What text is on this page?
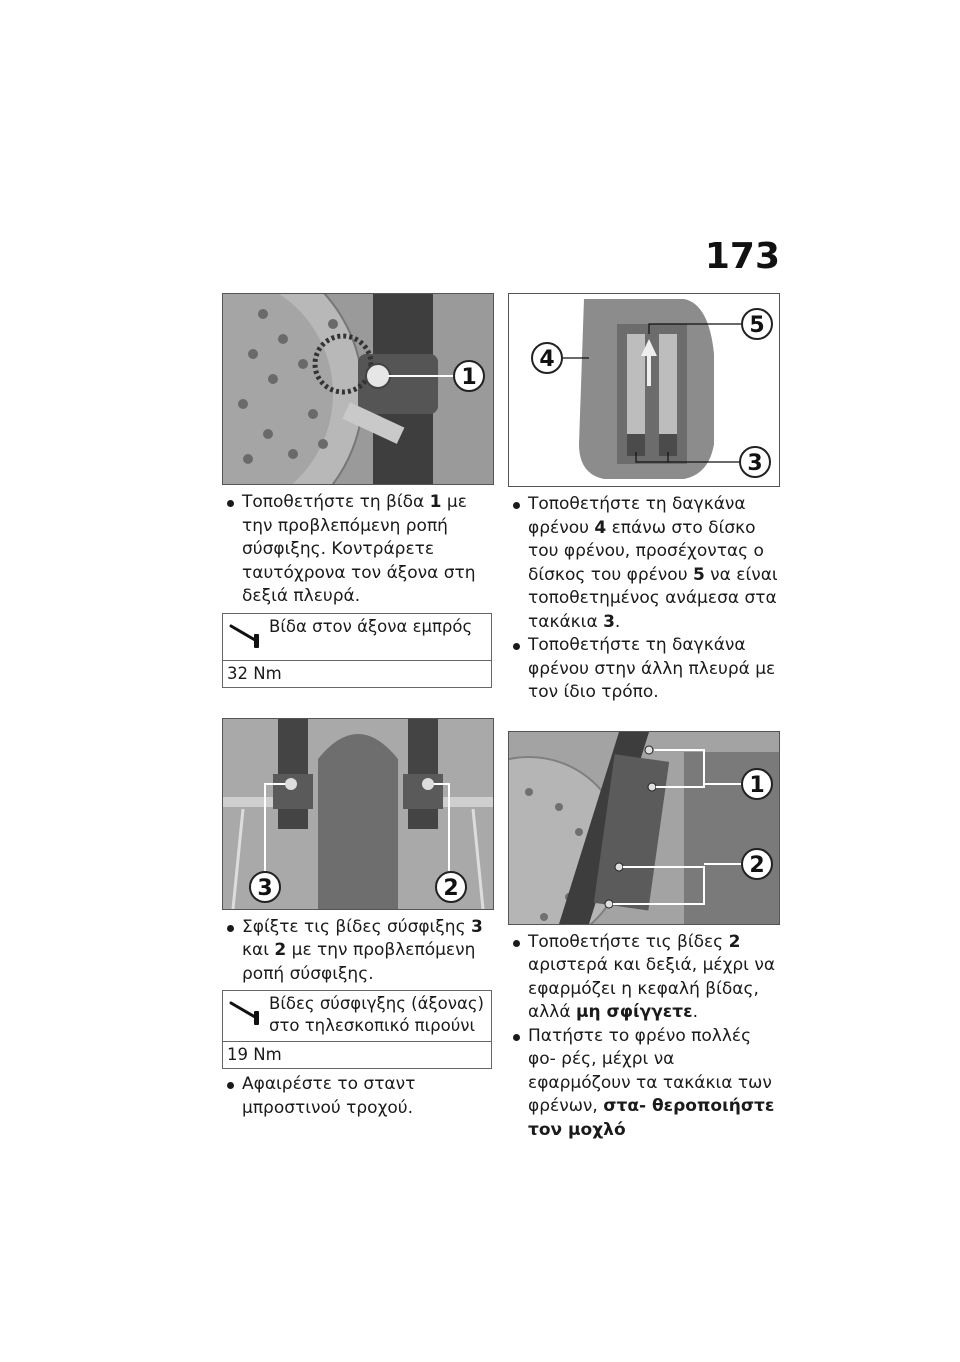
173
1
Τοποθετήστε τη βίδα 1 με την προβλεπόμενη ροπή σύσφιξης. Κοντράρετε ταυτόχρονα τον άξονα στη δεξιά πλευρά.
Βίδα στον άξονα εμπρός
32 Nm
3	2
Σφίξτε τις βίδες σύσφιξης 3 και 2 με την προβλεπόμενη ροπή σύσφιξης.
Βίδες σύσφιγξης (άξονας) στο τηλεσκοπικό πιρούνι
19 Nm
Αφαιρέστε το σταντ μπροστινού τροχού.
4
5
3
Τοποθετήστε τη δαγκάνα φρένου 4 επάνω στο δίσκο του φρένου, προσέχοντας ο δίσκος του φρένου 5 να είναι τοποθετημένος ανάμεσα στα τακάκια 3.
Τοποθετήστε τη δαγκάνα φρένου στην άλλη πλευρά με τον ίδιο τρόπο.
1
2
Τοποθετήστε τις βίδες 2 αριστερά και δεξιά, μέχρι να εφαρμόζει η κεφαλή βίδας, αλλά μη σφίγγετε.
Πατήστε το φρένο πολλές φο- ρές, μέχρι να εφαρμόζουν τα τακάκια των φρένων, στα- θεροποιήστε τον μοχλό
